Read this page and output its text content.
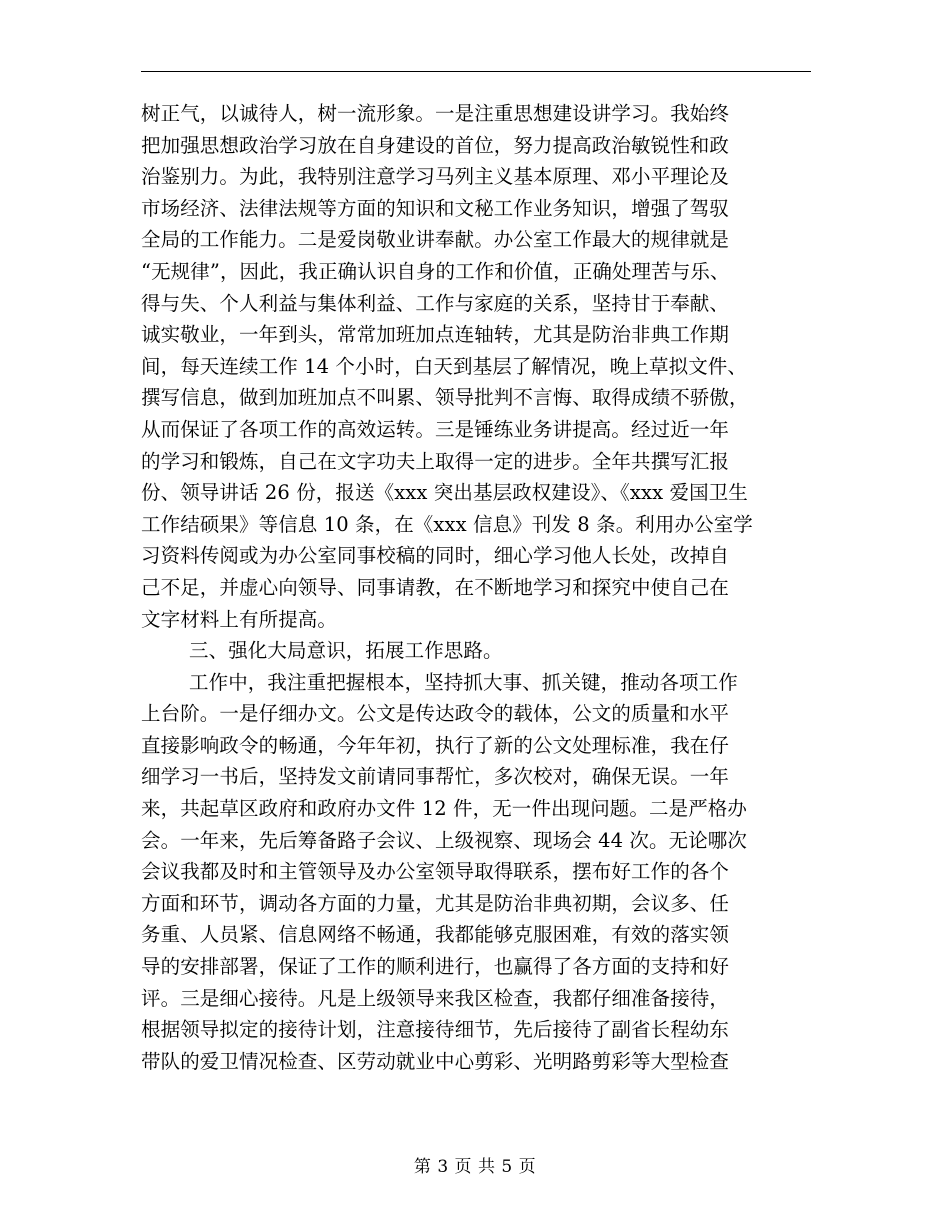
树正气，以诚待人，树一流形象。一是注重思想建设讲学习。我始终
把加强思想政治学习放在自身建设的首位，努力提高政治敏锐性和政
治鉴别力。为此，我特别注意学习马列主义基本原理、邓小平理论及
市场经济、法律法规等方面的知识和文秘工作业务知识，增强了驾驭
全局的工作能力。二是爱岗敬业讲奉献。办公室工作最大的规律就是
“无规律”，因此，我正确认识自身的工作和价值，正确处理苦与乐、
得与失、个人利益与集体利益、工作与家庭的关系，坚持甘于奉献、
诚实敬业，一年到头，常常加班加点连轴转，尤其是防治非典工作期
间，每天连续工作 14 个小时，白天到基层了解情况，晚上草拟文件、
撰写信息，做到加班加点不叫累、领导批判不言悔、取得成绩不骄傲，
从而保证了各项工作的高效运转。三是锤练业务讲提高。经过近一年
的学习和锻炼，自己在文字功夫上取得一定的进步。全年共撰写汇报
份、领导讲话 26 份，报送《xxx 突出基层政权建设》、《xxx 爱国卫生
工作结硕果》等信息 10 条，在《xxx 信息》刊发 8 条。利用办公室学
习资料传阅或为办公室同事校稿的同时，细心学习他人长处，改掉自
己不足，并虚心向领导、同事请教，在不断地学习和探究中使自己在
文字材料上有所提高。
三、强化大局意识，拓展工作思路。
工作中，我注重把握根本，坚持抓大事、抓关键，推动各项工作
上台阶。一是仔细办文。公文是传达政令的载体，公文的质量和水平
直接影响政令的畅通，今年年初，执行了新的公文处理标准，我在仔
细学习一书后，坚持发文前请同事帮忙，多次校对，确保无误。一年
来，共起草区政府和政府办文件 12 件，无一件出现问题。二是严格办
会。一年来，先后筹备路子会议、上级视察、现场会 44 次。无论哪次
会议我都及时和主管领导及办公室领导取得联系，摆布好工作的各个
方面和环节，调动各方面的力量，尤其是防治非典初期，会议多、任
务重、人员紧、信息网络不畅通，我都能够克服困难，有效的落实领
导的安排部署，保证了工作的顺利进行，也赢得了各方面的支持和好
评。三是细心接待。凡是上级领导来我区检查，我都仔细准备接待，
根据领导拟定的接待计划，注意接待细节，先后接待了副省长程幼东
带队的爱卫情况检查、区劳动就业中心剪彩、光明路剪彩等大型检查
第 3 页 共 5 页
